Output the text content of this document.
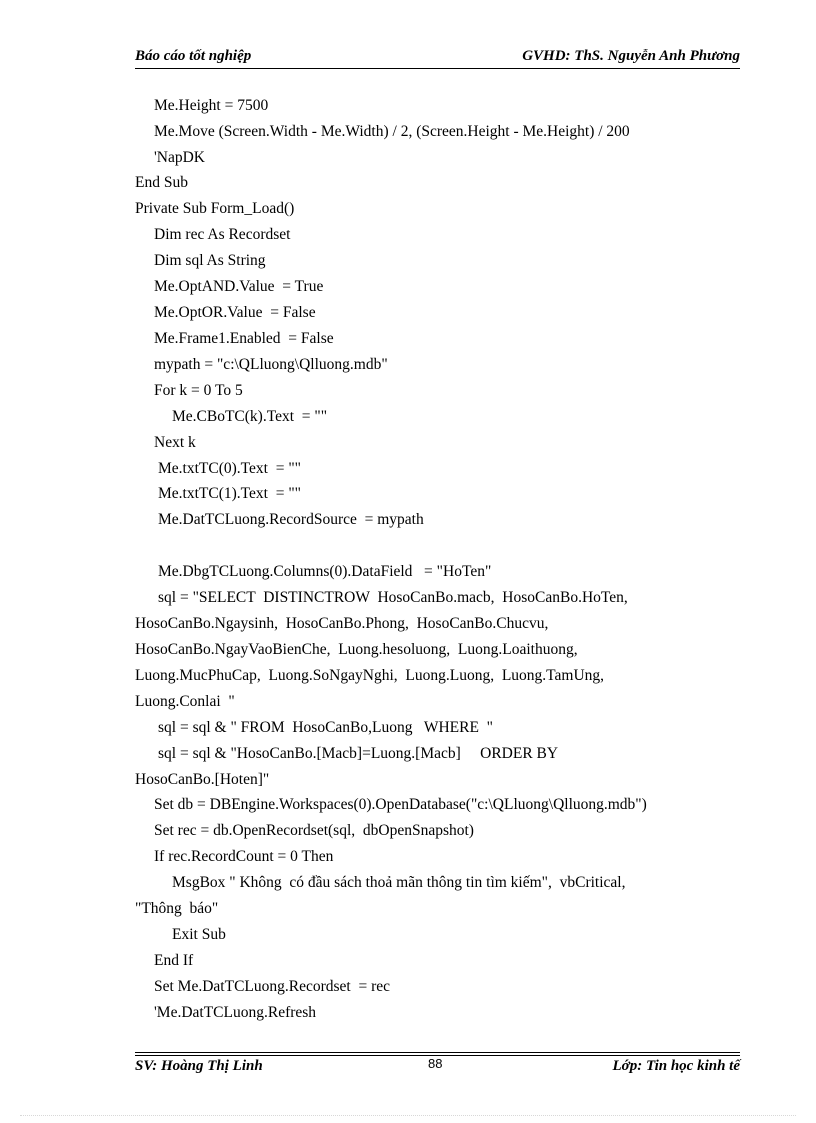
Báo cáo tốt nghiệp	GVHD: ThS. Nguyễn Anh Phương
Me.Height = 7500
Me.Move (Screen.Width - Me.Width) / 2, (Screen.Height - Me.Height) / 200
'NapDK
End Sub
Private Sub Form_Load()
Dim rec As Recordset
Dim sql As String
Me.OptAND.Value  = True
Me.OptOR.Value  = False
Me.Frame1.Enabled  = False
mypath = "c:\QLluong\Qlluong.mdb"
For k = 0 To 5
Me.CBoTC(k).Text  = ""
Next k
Me.txtTC(0).Text  = ""
Me.txtTC(1).Text  = ""
Me.DatTCLuong.RecordSource  = mypath
Me.DbgTCLuong.Columns(0).DataField   = "HoTen"
sql = "SELECT  DISTINCTROW  HosoCanBo.macb,  HosoCanBo.HoTen,
HosoCanBo.Ngaysinh,  HosoCanBo.Phong,  HosoCanBo.Chucvu,
HosoCanBo.NgayVaoBienChe,  Luong.hesoluong,  Luong.Loaithuong,
Luong.MucPhuCap,  Luong.SoNgayNghi,  Luong.Luong,  Luong.TamUng,
Luong.Conlai  "
sql = sql & " FROM  HosoCanBo,Luong   WHERE  "
sql = sql & "HosoCanBo.[Macb]=Luong.[Macb]     ORDER BY
HosoCanBo.[Hoten]"
Set db = DBEngine.Workspaces(0).OpenDatabase("c:\QLluong\Qlluong.mdb")
Set rec = db.OpenRecordset(sql,  dbOpenSnapshot)
If rec.RecordCount = 0 Then
MsgBox " Không  có đầu sách thoả mãn thông tin tìm kiếm",  vbCritical,
"Thông  báo"
Exit Sub
End If
Set Me.DatTCLuong.Recordset  = rec
'Me.DatTCLuong.Refresh
SV: Hoàng Thị Linh	88	Lớp: Tin học kinh tế
